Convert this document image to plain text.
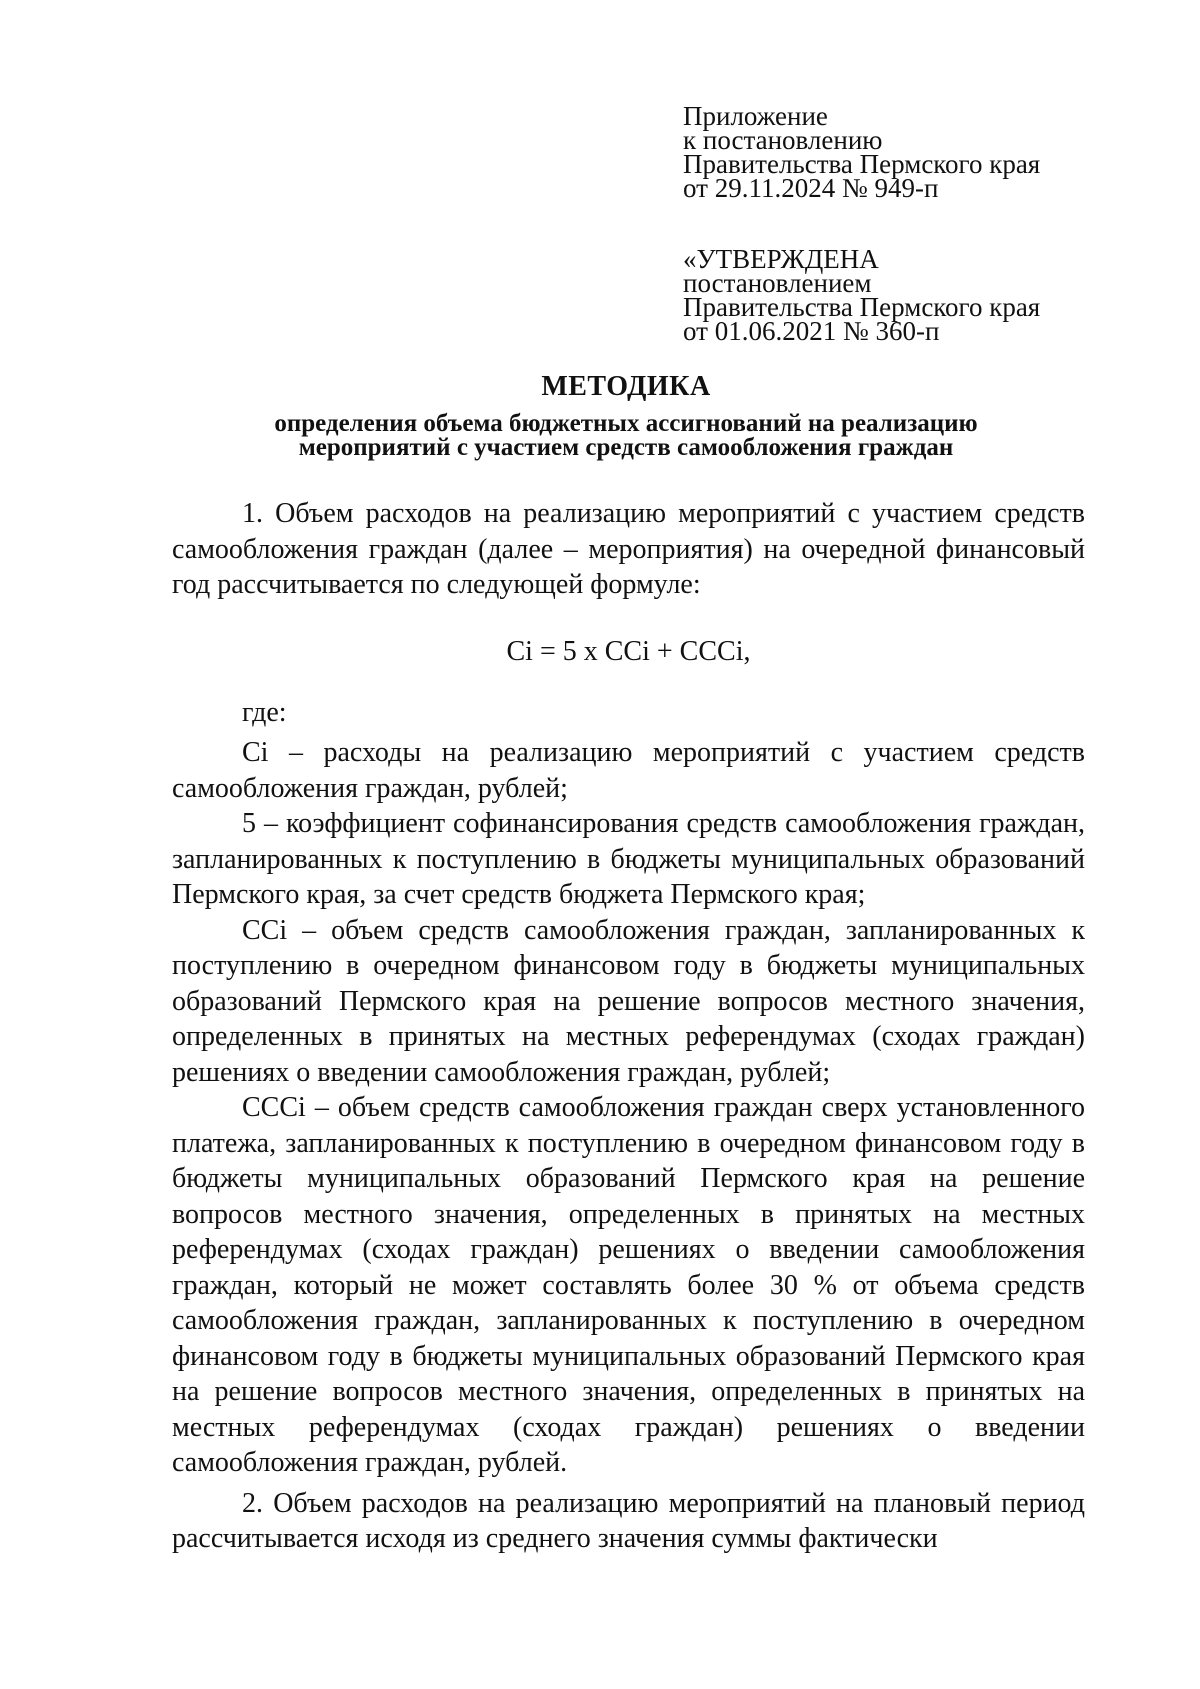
Приложение
к постановлению
Правительства Пермского края
от 29.11.2024 № 949-п
«УТВЕРЖДЕНА
постановлением
Правительства Пермского края
от 01.06.2021 № 360-п
МЕТОДИКА
определения объема бюджетных ассигнований на реализацию
мероприятий с участием средств самообложения граждан

1. Объем расходов на реализацию мероприятий с участием средств самообложения граждан (далее – мероприятия) на очередной финансовый год рассчитывается по следующей формуле:

Ci = 5 x CCi + CCCi,

где:

Ci – расходы на реализацию мероприятий с участием средств самообложения граждан, рублей;

5 – коэффициент софинансирования средств самообложения граждан, запланированных к поступлению в бюджеты муниципальных образований Пермского края, за счет средств бюджета Пермского края;

CCi – объем средств самообложения граждан, запланированных к поступлению в очередном финансовом году в бюджеты муниципальных образований Пермского края на решение вопросов местного значения, определенных в принятых на местных референдумах (сходах граждан) решениях о введении самообложения граждан, рублей;

CCCi – объем средств самообложения граждан сверх установленного платежа, запланированных к поступлению в очередном финансовом году в бюджеты муниципальных образований Пермского края на решение вопросов местного значения, определенных в принятых на местных референдумах (сходах граждан) решениях о введении самообложения граждан, который не может составлять более 30 % от объема средств самообложения граждан, запланированных к поступлению в очередном финансовом году в бюджеты муниципальных образований Пермского края на решение вопросов местного значения, определенных в принятых на местных референдумах (сходах граждан) решениях о введении самообложения граждан, рублей.

2. Объем расходов на реализацию мероприятий на плановый период рассчитывается исходя из среднего значения суммы фактически
